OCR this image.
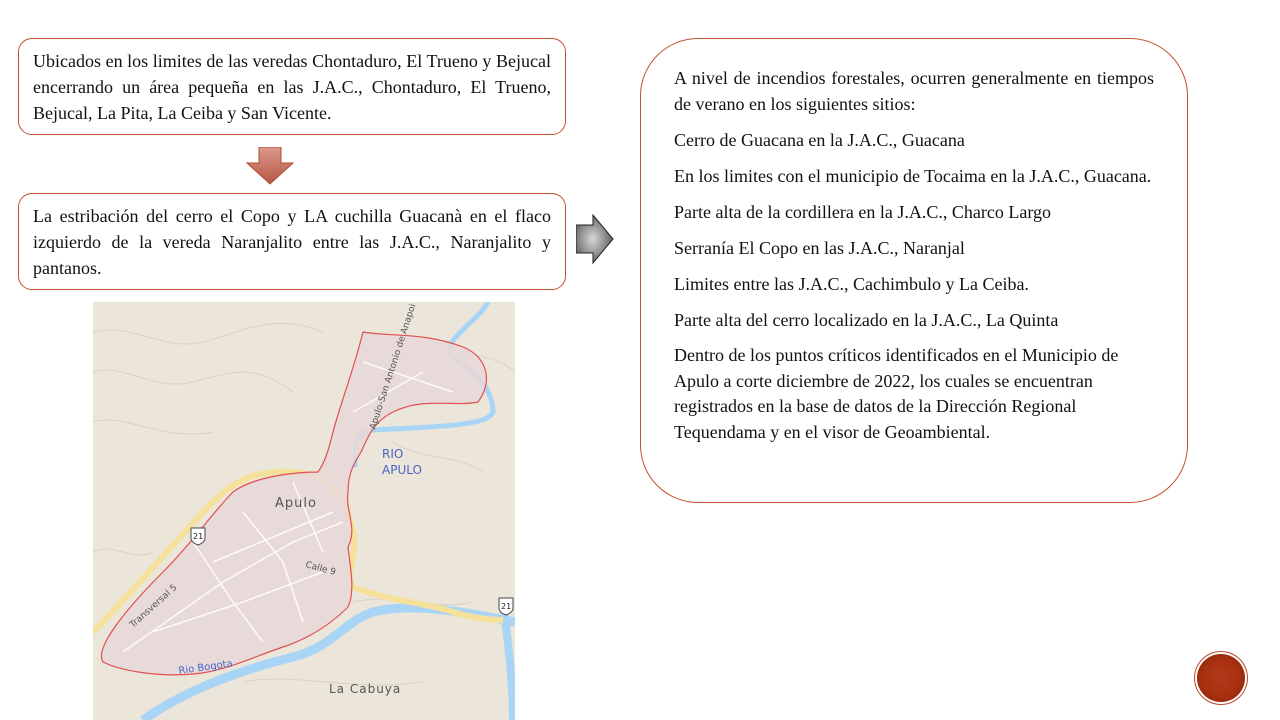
Ubicados en los limites de las veredas Chontaduro, El Trueno y Bejucal encerrando un área pequeña en las J.A.C., Chontaduro, El Trueno, Bejucal, La Pita, La Ceiba y San Vicente.

La estribación del cerro el Copo y LA cuchilla Guacanà en el flaco izquierdo de la vereda Naranjalito entre las J.A.C., Naranjalito y pantanos.

A nivel de incendios forestales, ocurren generalmente en tiempos de verano en los siguientes sitios:

Cerro de Guacana en la J.A.C., Guacana

En los limites con el municipio de Tocaima en la J.A.C., Guacana.

Parte alta de la cordillera en la J.A.C., Charco Largo

Serranía El Copo en las J.A.C., Naranjal

Limites entre las J.A.C., Cachimbulo y La Ceiba.

Parte alta del cerro localizado en la J.A.C., La Quinta

Dentro de los puntos críticos identificados en el Municipio de Apulo a corte diciembre de 2022, los cuales se encuentran registrados en la base de datos de la Dirección Regional Tequendama y en el visor de Geoambiental.

RIO
APULO
Apulo
Apulo-San Antonio de Anapoi
Calle 9
Transversal 5
Rio Bogota
La Cabuya
21
21
